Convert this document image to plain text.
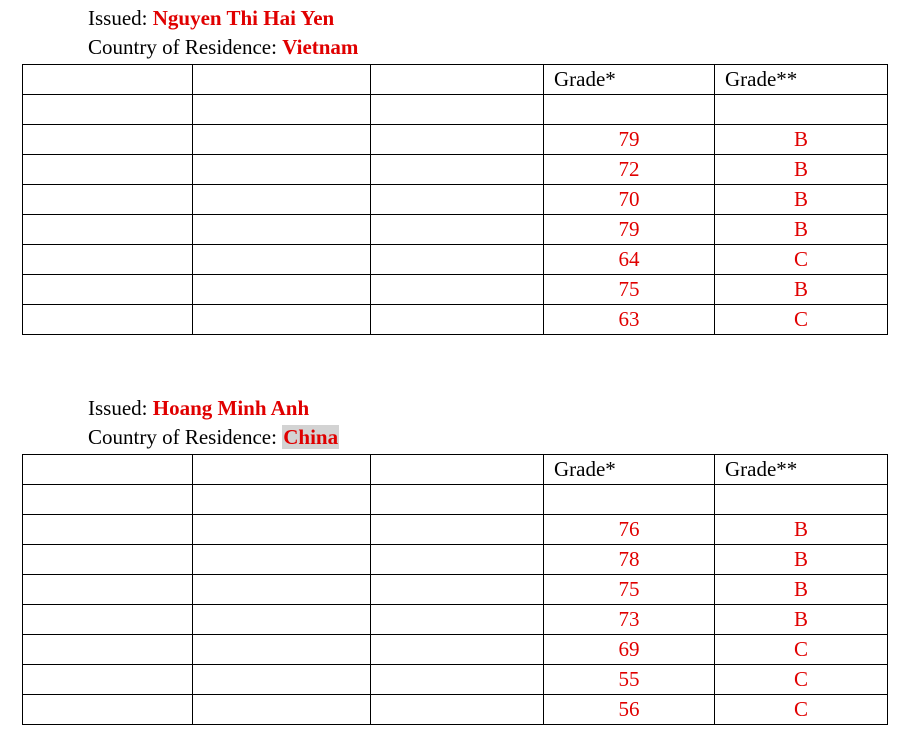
Issued: Nguyen Thi Hai Yen
Country of Residence: Vietnam
			Grade*	Grade**

			79	B
			72	B
			70	B
			79	B
			64	C
			75	B
			63	C
Issued: Hoang Minh Anh
Country of Residence: China
			Grade*	Grade**

			76	B
			78	B
			75	B
			73	B
			69	C
			55	C
			56	C
